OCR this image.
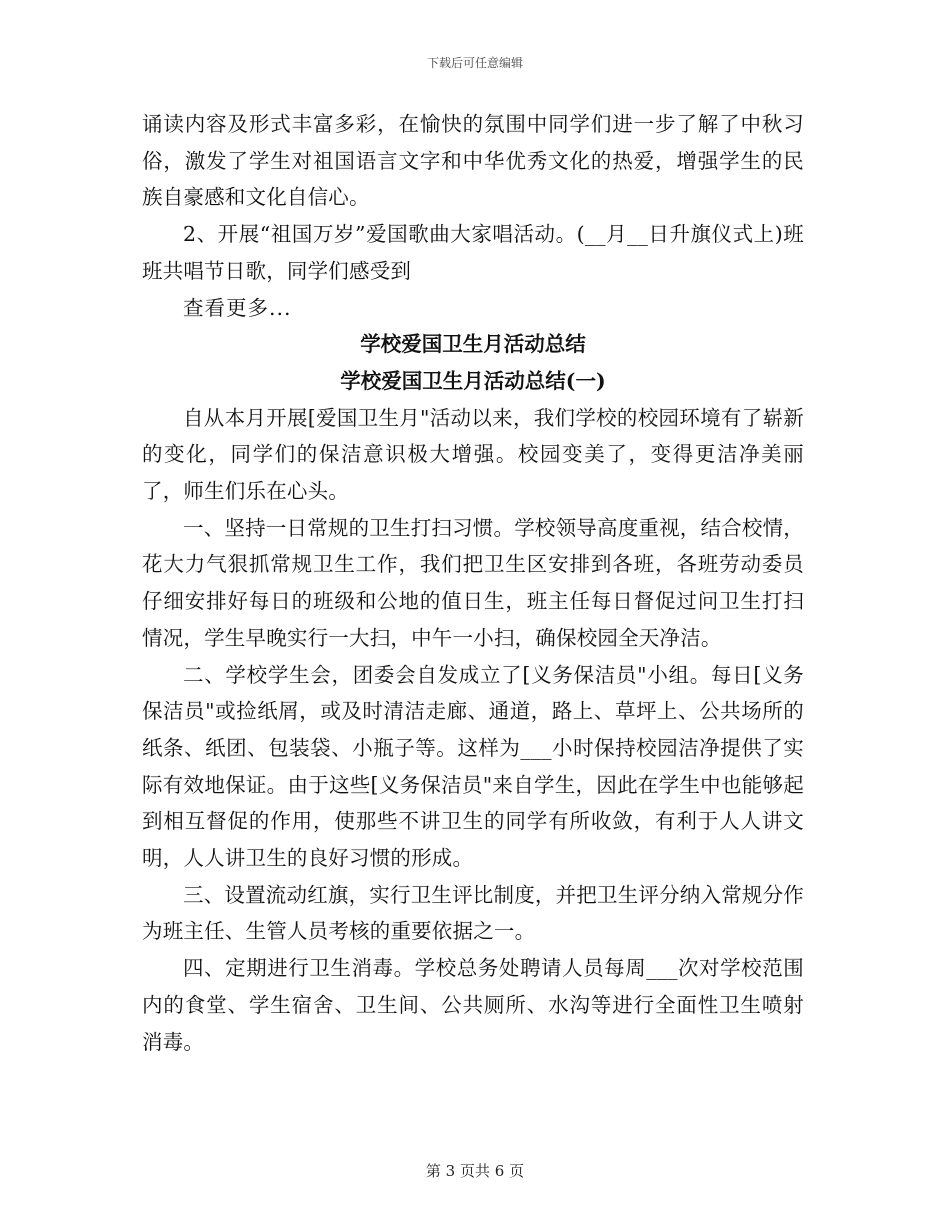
下载后可任意编辑

诵读内容及形式丰富多彩，在愉快的氛围中同学们进一步了解了中秋习俗，激发了学生对祖国语言文字和中华优秀文化的热爱，增强学生的民族自豪感和文化自信心。

2、开展“祖国万岁”爱国歌曲大家唱活动。(__月__日升旗仪式上)班班共唱节日歌，同学们感受到

查看更多...

学校爱国卫生月活动总结
学校爱国卫生月活动总结(一)

自从本月开展[爱国卫生月"活动以来，我们学校的校园环境有了崭新的变化，同学们的保洁意识极大增强。校园变美了，变得更洁净美丽了，师生们乐在心头。

一、坚持一日常规的卫生打扫习惯。学校领导高度重视，结合校情，花大力气狠抓常规卫生工作，我们把卫生区安排到各班，各班劳动委员仔细安排好每日的班级和公地的值日生，班主任每日督促过问卫生打扫情况，学生早晚实行一大扫，中午一小扫，确保校园全天净洁。

二、学校学生会，团委会自发成立了[义务保洁员"小组。每日[义务保洁员"或捡纸屑，或及时清洁走廊、通道，路上、草坪上、公共场所的纸条、纸团、包装袋、小瓶子等。这样为___小时保持校园洁净提供了实际有效地保证。由于这些[义务保洁员"来自学生，因此在学生中也能够起到相互督促的作用，使那些不讲卫生的同学有所收敛，有利于人人讲文明，人人讲卫生的良好习惯的形成。

三、设置流动红旗，实行卫生评比制度，并把卫生评分纳入常规分作为班主任、生管人员考核的重要依据之一。

四、定期进行卫生消毒。学校总务处聘请人员每周___次对学校范围内的食堂、学生宿舍、卫生间、公共厕所、水沟等进行全面性卫生喷射消毒。

第 3 页共 6 页
